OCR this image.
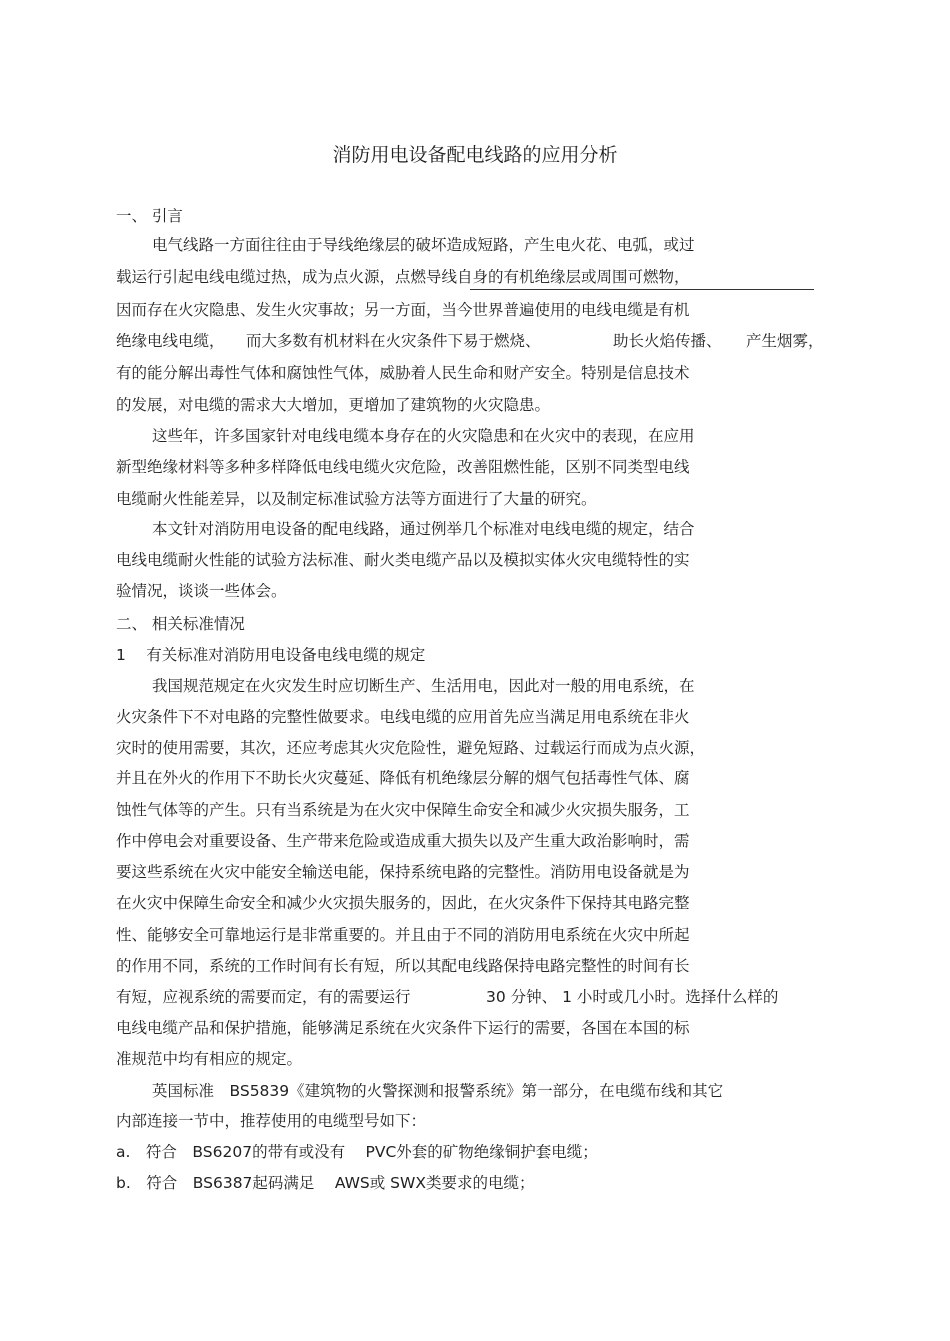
消防用电设备配电线路的应用分析
一、 引言
电气线路一方面往往由于导线绝缘层的破坏造成短路，产生电火花、电弧，或过
载运行引起电线电缆过热，成为点火源，点燃导线自身的有机绝缘层或周围可燃物，
因而存在火灾隐患、发生火灾事故；另一方面，当今世界普遍使用的电线电缆是有机
绝缘电线电缆， 而大多数有机材料在火灾条件下易于燃烧、	助长火焰传播、 产生烟雾，
有的能分解出毒性气体和腐蚀性气体，威胁着人民生命和财产安全。特别是信息技术
的发展，对电缆的需求大大增加，更增加了建筑物的火灾隐患。
这些年，许多国家针对电线电缆本身存在的火灾隐患和在火灾中的表现，在应用
新型绝缘材料等多种多样降低电线电缆火灾危险，改善阻燃性能，区别不同类型电线
电缆耐火性能差异，以及制定标准试验方法等方面进行了大量的研究。
本文针对消防用电设备的配电线路，通过例举几个标准对电线电缆的规定，结合
电线电缆耐火性能的试验方法标准、耐火类电缆产品以及模拟实体火灾电缆特性的实
验情况，谈谈一些体会。
二、 相关标准情况
1　 有关标准对消防用电设备电线电缆的规定
我国规范规定在火灾发生时应切断生产、生活用电，因此对一般的用电系统，在
火灾条件下不对电路的完整性做要求。电线电缆的应用首先应当满足用电系统在非火
灾时的使用需要，其次，还应考虑其火灾危险性，避免短路、过载运行而成为点火源，
并且在外火的作用下不助长火灾蔓延、降低有机绝缘层分解的烟气包括毒性气体、腐
蚀性气体等的产生。只有当系统是为在火灾中保障生命安全和减少火灾损失服务，工
作中停电会对重要设备、生产带来危险或造成重大损失以及产生重大政治影响时，需
要这些系统在火灾中能安全输送电能，保持系统电路的完整性。消防用电设备就是为
在火灾中保障生命安全和减少火灾损失服务的，因此，在火灾条件下保持其电路完整
性、能够安全可靠地运行是非常重要的。并且由于不同的消防用电系统在火灾中所起
的作用不同，系统的工作时间有长有短，所以其配电线路保持电路完整性的时间有长
有短，应视系统的需要而定，有的需要运行	30 分钟、 1 小时或几小时。选择什么样的
电线电缆产品和保护措施，能够满足系统在火灾条件下运行的需要，各国在本国的标
准规范中均有相应的规定。
英国标准　BS5839《建筑物的火警探测和报警系统》第一部分，在电缆布线和其它
内部连接一节中，推荐使用的电缆型号如下：
a.　符合　BS6207的带有或没有　 PVC外套的矿物绝缘铜护套电缆；
b.　符合　BS6387起码满足　 AWS或 SWX类要求的电缆；
